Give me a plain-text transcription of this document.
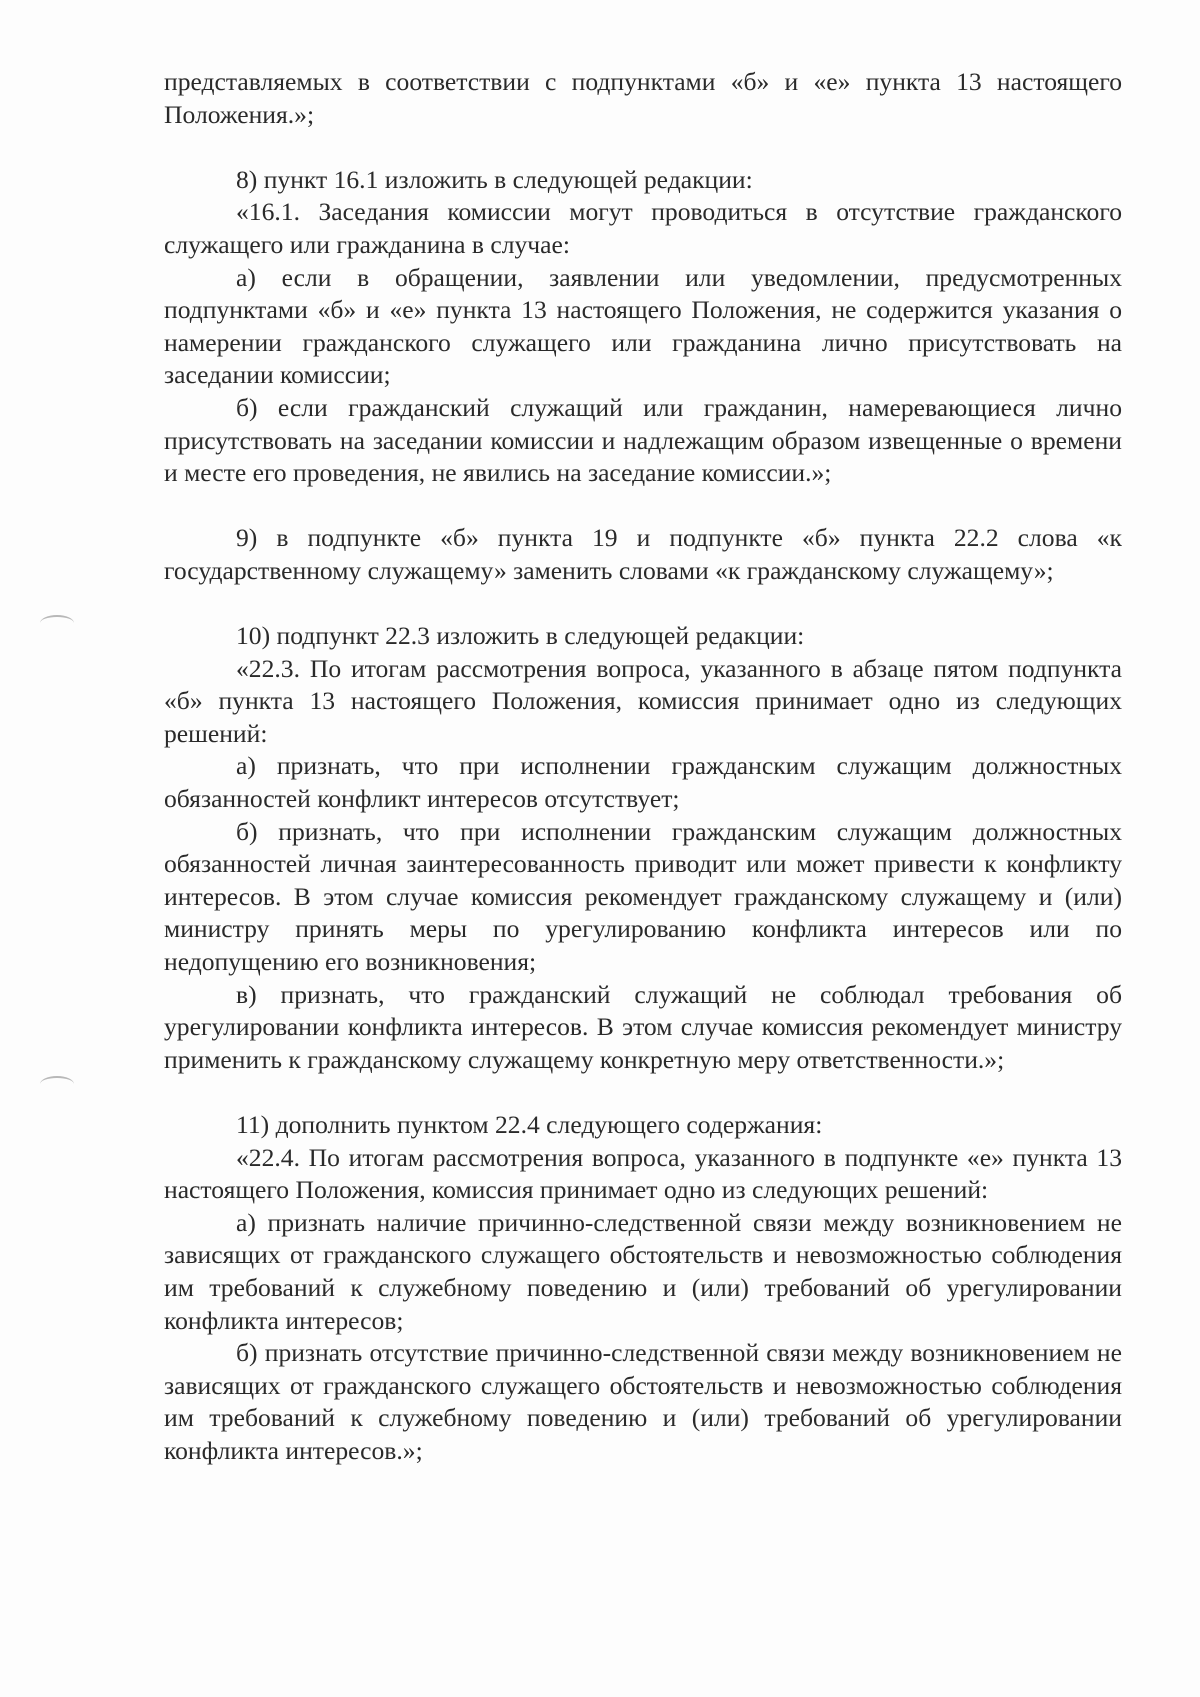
представляемых в соответствии с подпунктами «б» и «е» пункта 13 настоящего Положения.»;

8) пункт 16.1 изложить в следующей редакции:

«16.1. Заседания комиссии могут проводиться в отсутствие гражданского служащего или гражданина в случае:

а) если в обращении, заявлении или уведомлении, предусмотренных подпунктами «б» и «е» пункта 13 настоящего Положения, не содержится указания о намерении гражданского служащего или гражданина лично присутствовать на заседании комиссии;

б) если гражданский служащий или гражданин, намеревающиеся лично присутствовать на заседании комиссии и надлежащим образом извещенные о времени и месте его проведения, не явились на заседание комиссии.»;

9) в подпункте «б» пункта 19 и подпункте «б» пункта 22.2 слова «к государственному служащему» заменить словами «к гражданскому служащему»;

10) подпункт 22.3 изложить в следующей редакции:

«22.3. По итогам рассмотрения вопроса, указанного в абзаце пятом подпункта «б» пункта 13 настоящего Положения, комиссия принимает одно из следующих решений:

а) признать, что при исполнении гражданским служащим должностных обязанностей конфликт интересов отсутствует;

б) признать, что при исполнении гражданским служащим должностных обязанностей личная заинтересованность приводит или может привести к конфликту интересов. В этом случае комиссия рекомендует гражданскому служащему и (или) министру принять меры по урегулированию конфликта интересов или по недопущению его возникновения;

в) признать, что гражданский служащий не соблюдал требования об урегулировании конфликта интересов. В этом случае комиссия рекомендует министру применить к гражданскому служащему конкретную меру ответственности.»;

11) дополнить пунктом 22.4 следующего содержания:

«22.4. По итогам рассмотрения вопроса, указанного в подпункте «е» пункта 13 настоящего Положения, комиссия принимает одно из следующих решений:

а) признать наличие причинно-следственной связи между возникновением не зависящих от гражданского служащего обстоятельств и невозможностью соблюдения им требований к служебному поведению и (или) требований об урегулировании конфликта интересов;

б) признать отсутствие причинно-следственной связи между возникновением не зависящих от гражданского служащего обстоятельств и невозможностью соблюдения им требований к служебному поведению и (или) требований об урегулировании конфликта интересов.»;
